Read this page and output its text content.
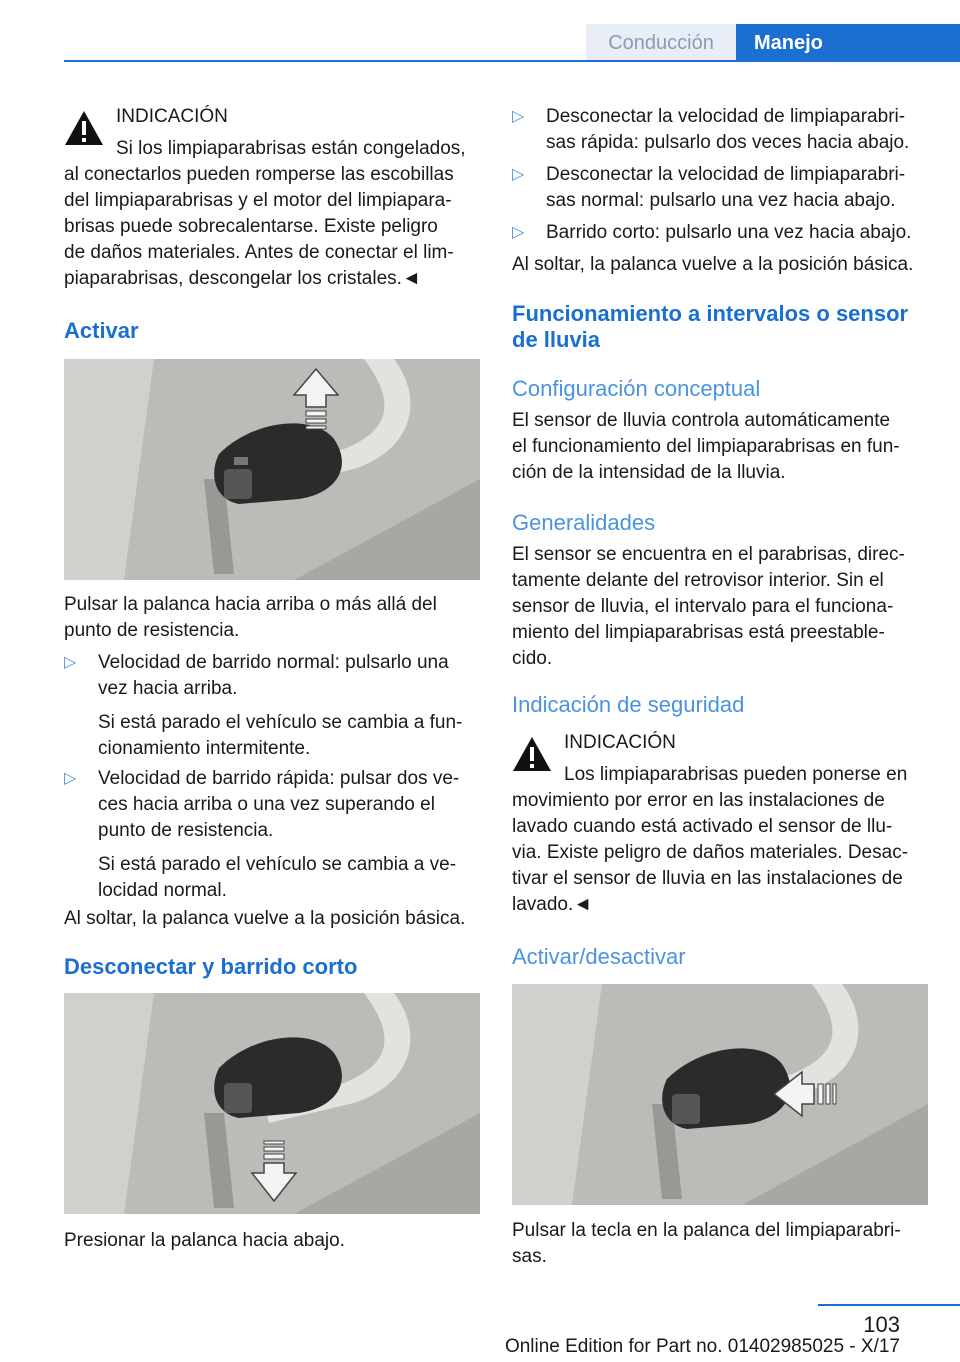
Conducción	Manejo

INDICACIÓN

Si los limpiaparabrisas están congelados,

al conectarlos pueden romperse las escobillas

del limpiaparabrisas y el motor del limpiapara‐

brisas puede sobrecalentarse. Existe peligro

de daños materiales. Antes de conectar el lim‐

piaparabrisas, descongelar los cristales.◄

Activar

Pulsar la palanca hacia arriba o más allá del

punto de resistencia.

▷ Velocidad de barrido normal: pulsarlo una
vez hacia arriba.

Si está parado el vehículo se cambia a fun‐

cionamiento intermitente.

▷ Velocidad de barrido rápida: pulsar dos ve‐
ces hacia arriba o una vez superando el
punto de resistencia.

Si está parado el vehículo se cambia a ve‐

locidad normal.

Al soltar, la palanca vuelve a la posición básica.

Desconectar y barrido corto

Presionar la palanca hacia abajo.

▷ Desconectar la velocidad de limpiaparabri‐
sas rápida: pulsarlo dos veces hacia abajo.
▷ Desconectar la velocidad de limpiaparabri‐
sas normal: pulsarlo una vez hacia abajo.
▷ Barrido corto: pulsarlo una vez hacia abajo.

Al soltar, la palanca vuelve a la posición básica.

Funcionamiento a intervalos o sensor
de lluvia
Configuración conceptual

El sensor de lluvia controla automáticamente

el funcionamiento del limpiaparabrisas en fun‐

ción de la intensidad de la lluvia.

Generalidades

El sensor se encuentra en el parabrisas, direc‐

tamente delante del retrovisor interior. Sin el

sensor de lluvia, el intervalo para el funciona‐

miento del limpiaparabrisas está preestable‐

cido.

Indicación de seguridad

INDICACIÓN

Los limpiaparabrisas pueden ponerse en

movimiento por error en las instalaciones de

lavado cuando está activado el sensor de llu‐

via. Existe peligro de daños materiales. Desac‐

tivar el sensor de lluvia en las instalaciones de

lavado.◄

Activar/desactivar

Pulsar la tecla en la palanca del limpiaparabri‐

sas.

103
Online Edition for Part no. 01402985025 - X/17
